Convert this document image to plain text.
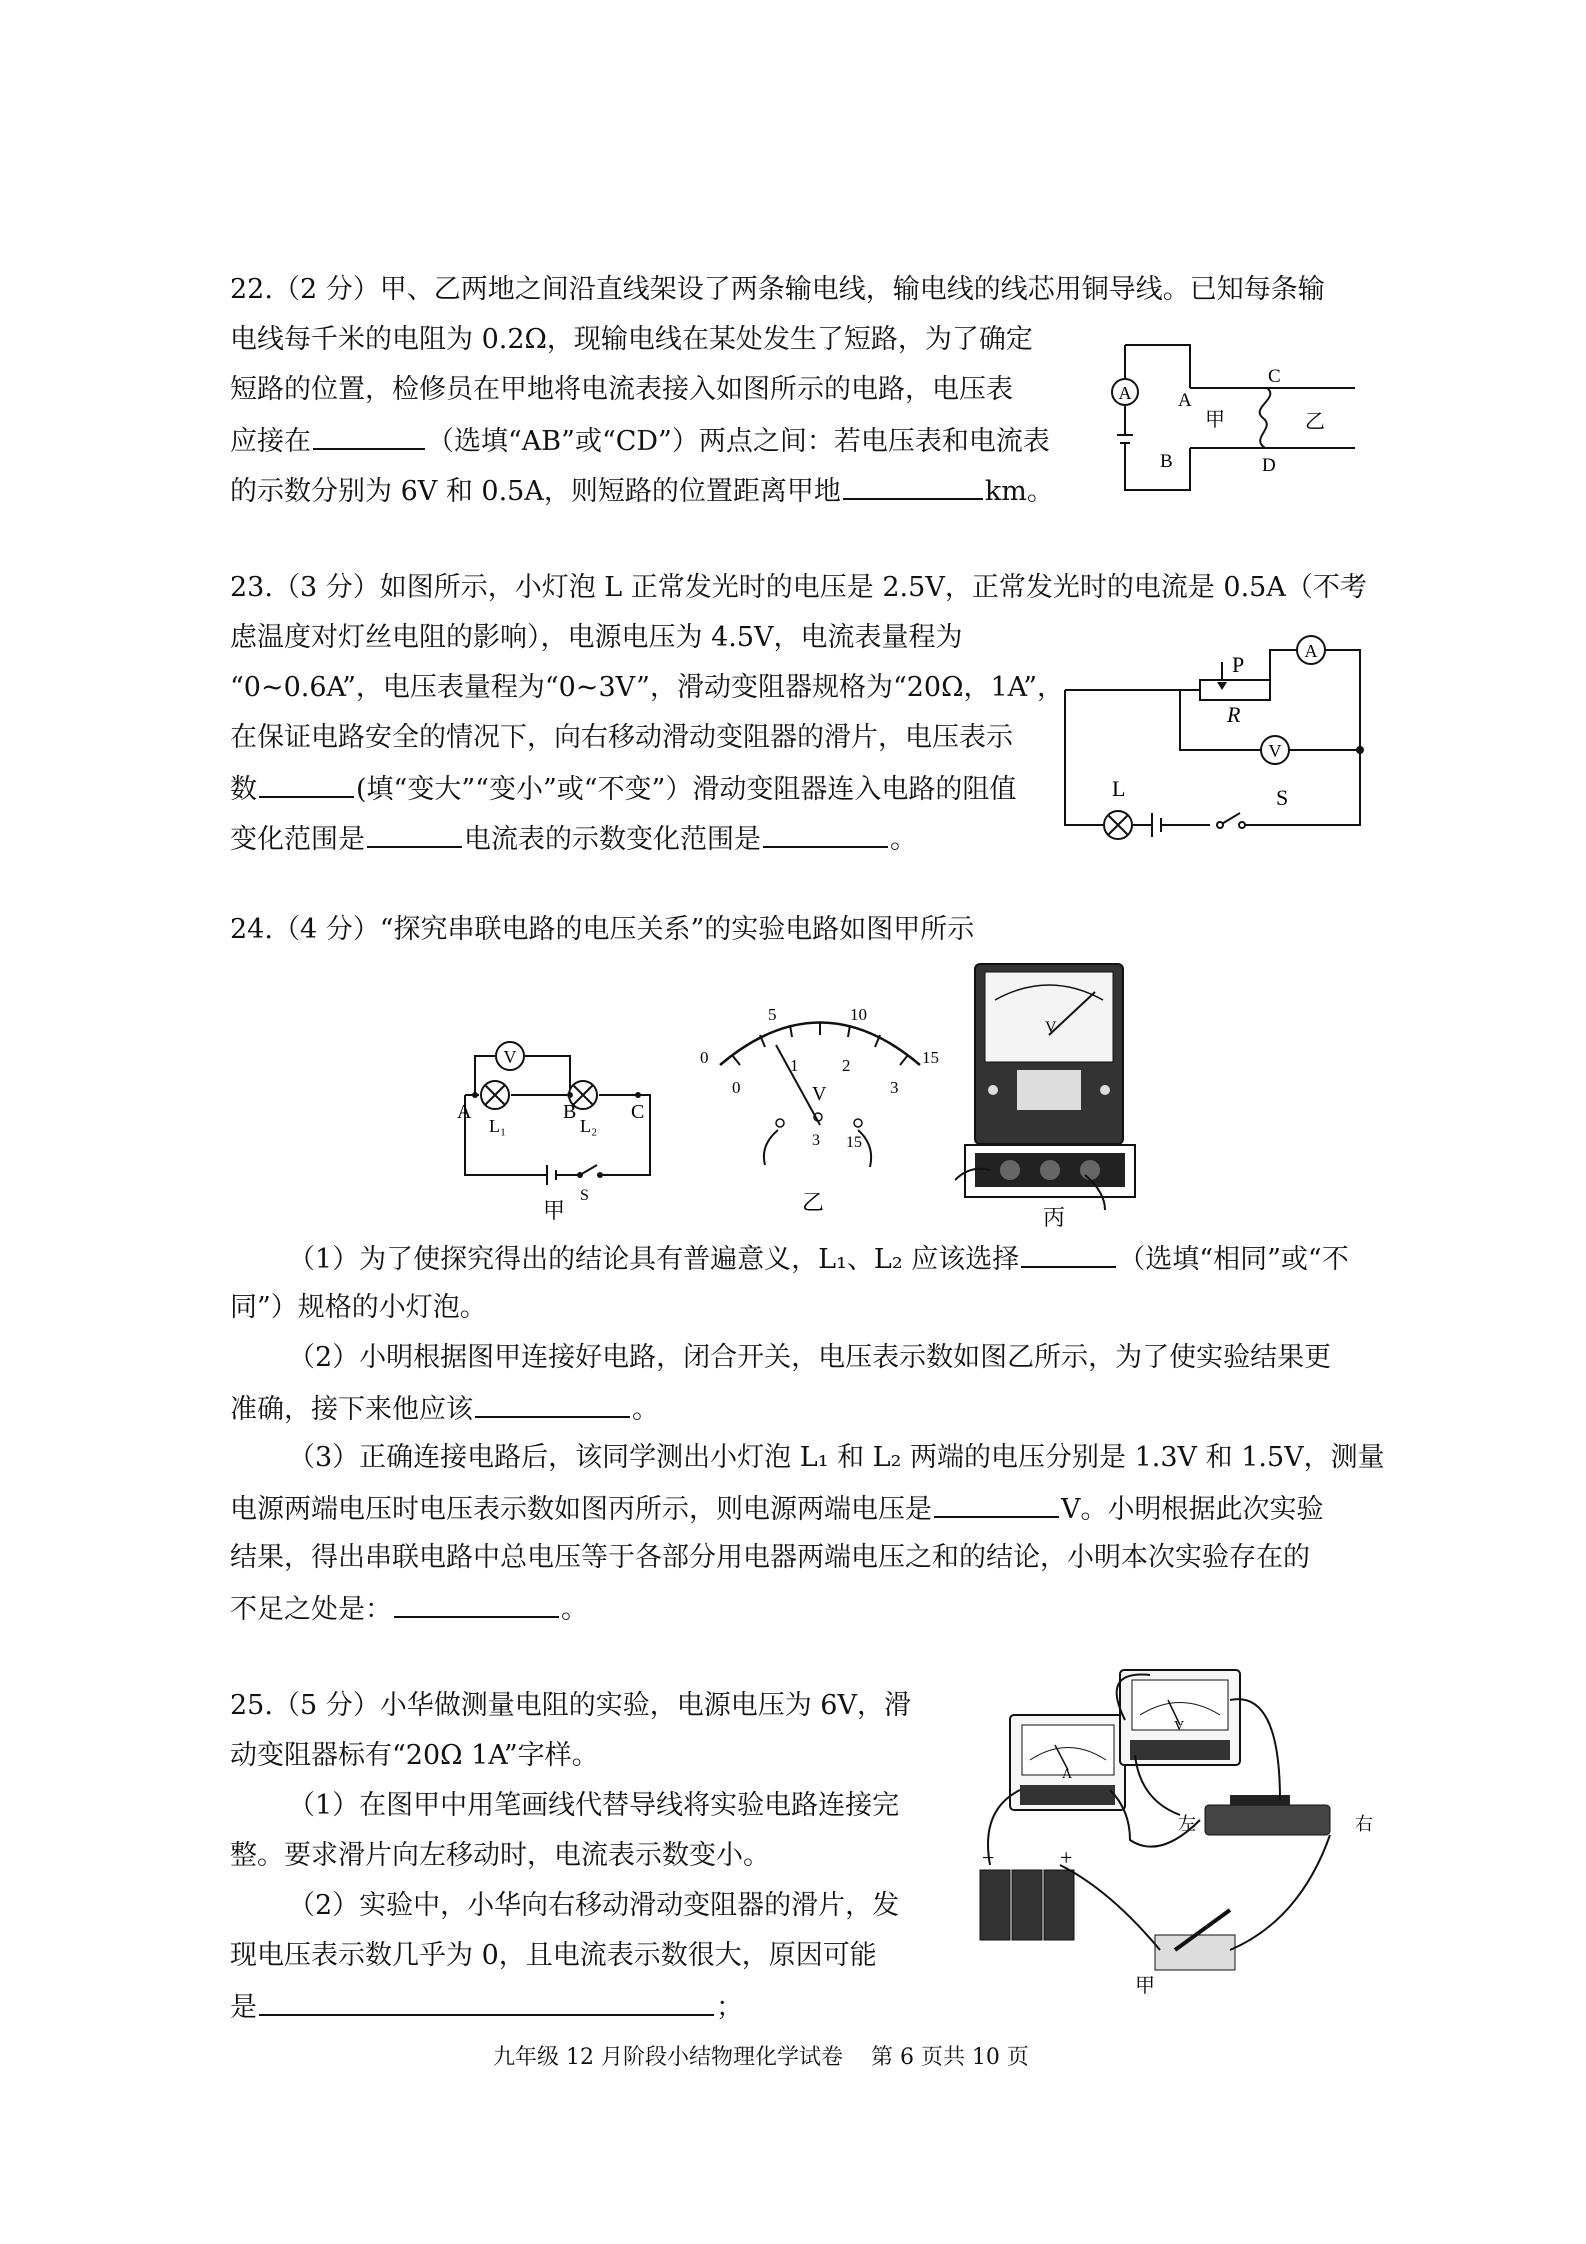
22.（2 分）甲、乙两地之间沿直线架设了两条输电线，输电线的线芯用铜导线。已知每条输
电线每千米的电阻为 0.2Ω，现输电线在某处发生了短路，为了确定
短路的位置，检修员在甲地将电流表接入如图所示的电路，电压表
应接在	（选填“AB”或“CD”）两点之间：若电压表和电流表
的示数分别为 6V 和 0.5A，则短路的位置距离甲地	km。
A A
B
C
D
甲	乙
23.（3 分）如图所示，小灯泡 L 正常发光时的电压是 2.5V，正常发光时的电流是 0.5A（不考
虑温度对灯丝电阻的影响），电源电压为 4.5V，电流表量程为
“0~0.6A”，电压表量程为“0~3V”，滑动变阻器规格为“20Ω，1A”，
在保证电路安全的情况下，向右移动滑动变阻器的滑片，电压表示
数	(填“变大”“变小”或“不变”）滑动变阻器连入电路的阻值
变化范围是	电流表的示数变化范围是	。
A
V
P
R
L	S
24.（4 分）“探究串联电路的电压关系”的实验电路如图甲所示
V
A	B	C
L₁	L₂
S
甲
0
5	10
15
0
1	2
3
V
3 15
乙
V
丙
（1）为了使探究得出的结论具有普遍意义，L₁、L₂ 应该选择	（选填“相同”或“不
同”）规格的小灯泡。
（2）小明根据图甲连接好电路，闭合开关，电压表示数如图乙所示，为了使实验结果更
准确，接下来他应该	。
（3）正确连接电路后，该同学测出小灯泡 L₁ 和 L₂ 两端的电压分别是 1.3V 和 1.5V，测量
电源两端电压时电压表示数如图丙所示，则电源两端电压是	V。小明根据此次实验
结果，得出串联电路中总电压等于各部分用电器两端电压之和的结论，小明本次实验存在的
不足之处是：	。
25.（5 分）小华做测量电阻的实验，电源电压为 6V，滑
动变阻器标有“20Ω 1A”字样。
（1）在图甲中用笔画线代替导线将实验电路连接完
整。要求滑片向左移动时，电流表示数变小。
（2）实验中，小华向右移动滑动变阻器的滑片，发
现电压表示数几乎为 0，且电流表示数很大，原因可能
是	；
A
V
−	+
左	右
甲
九年级 12 月阶段小结物理化学试卷    第 6 页共 10 页
